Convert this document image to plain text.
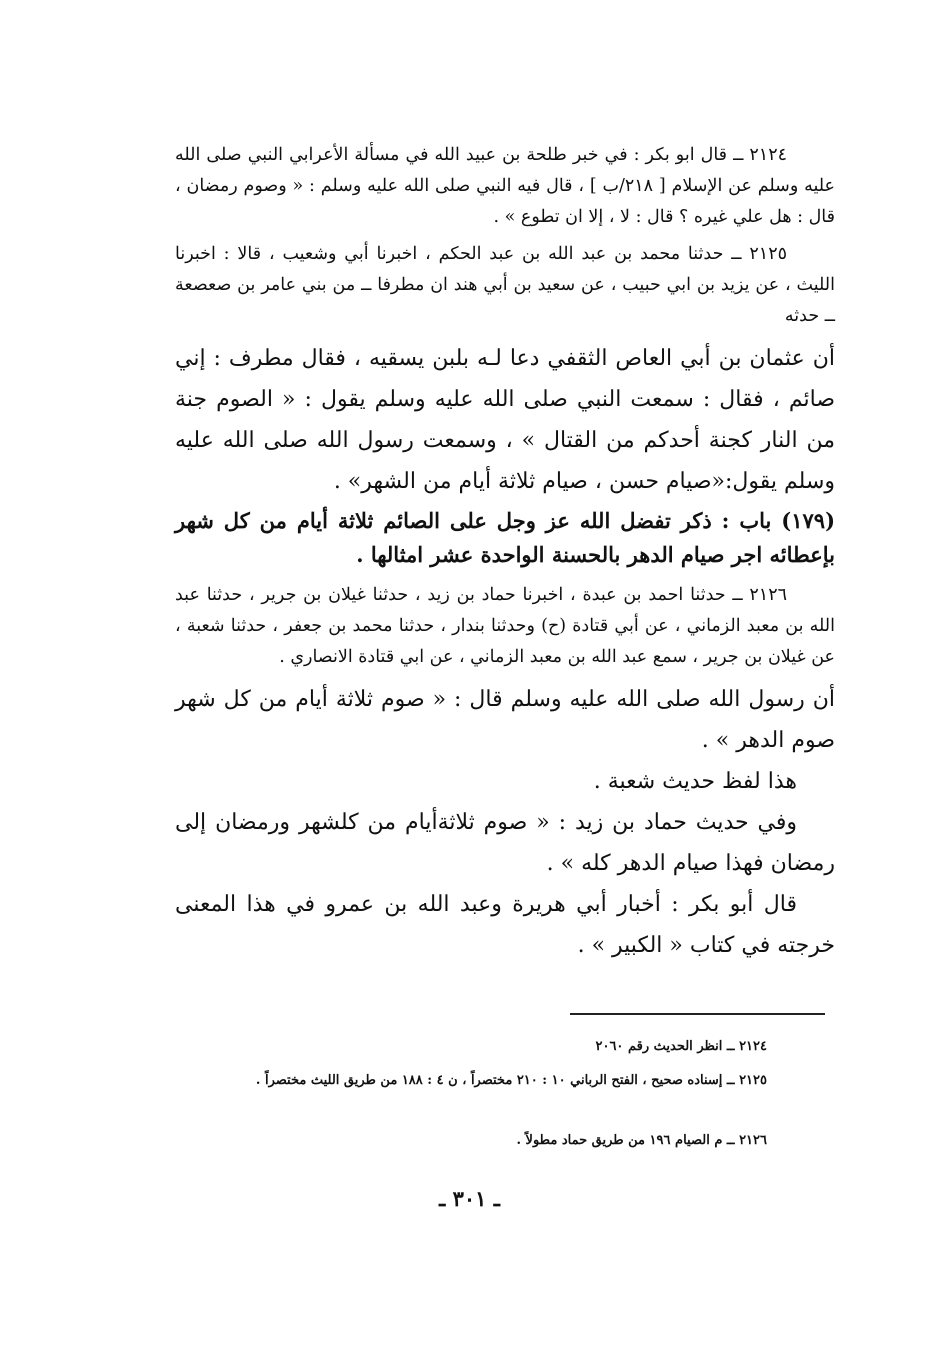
٢١٢٤ ــ قال ابو بكر : في خبر طلحة بن عبيد الله في مسألة الأعرابي النبي صلى الله عليه وسلم عن الإسلام [ ٢١٨/ب ] ، قال فيه النبي صلى الله عليه وسلم : « وصوم رمضان ، قال : هل علي غيره ؟ قال : لا ، إلا ان تطوع » .

٢١٢٥ ــ حدثنا محمد بن عبد الله بن عبد الحكم ، اخبرنا أبي وشعيب ، قالا : اخبرنا الليث ، عن يزيد بن ابي حبيب ، عن سعيد بن أبي هند ان مطرفا ــ من بني عامر بن صعصعة ــ حدثه

أن عثمان بن أبي العاص الثقفي دعا لـه بلبن يسقيه ، فقال مطرف : إني صائم ، فقال : سمعت النبي صلى الله عليه وسلم يقول : « الصوم جنة من النار كجنة أحدكم من القتال » ، وسمعت رسول الله صلى الله عليه وسلم يقول:«صيام حسن ، صيام ثلاثة أيام من الشهر» .

(١٧٩) باب : ذكر تفضل الله عز وجل على الصائم ثلاثة أيام من كل شهر بإعطائه اجر صيام الدهر بالحسنة الواحدة عشر امثالها .

٢١٢٦ ــ حدثنا احمد بن عبدة ، اخبرنا حماد بن زيد ، حدثنا غيلان بن جرير ، حدثنا عبد الله بن معبد الزماني ، عن أبي قتادة (ح) وحدثنا بندار ، حدثنا محمد بن جعفر ، حدثنا شعبة ، عن غيلان بن جرير ، سمع عبد الله بن معبد الزماني ، عن ابي قتادة الانصاري .

أن رسول الله صلى الله عليه وسلم قال : « صوم ثلاثة أيام من كل شهر صوم الدهر » .

هذا لفظ حديث شعبة .

وفي حديث حماد بن زيد : « صوم ثلاثةأيام من كلشهر ورمضان إلى رمضان فهذا صيام الدهر كله » .

قال أبو بكر : أخبار أبي هريرة وعبد الله بن عمرو في هذا المعنى خرجته في كتاب « الكبير » .

٢١٢٤ ــ انظر الحديث رقم ٢٠٦٠
٢١٢٥ ــ إسناده صحيح ، الفتح الرباني ١٠ : ٢١٠ مختصراً ، ن ٤ : ١٨٨ من طريق الليث مختصراً .
٢١٢٦ ــ م الصيام ١٩٦ من طريق حماد مطولاً .
ـ ٣٠١ ـ
